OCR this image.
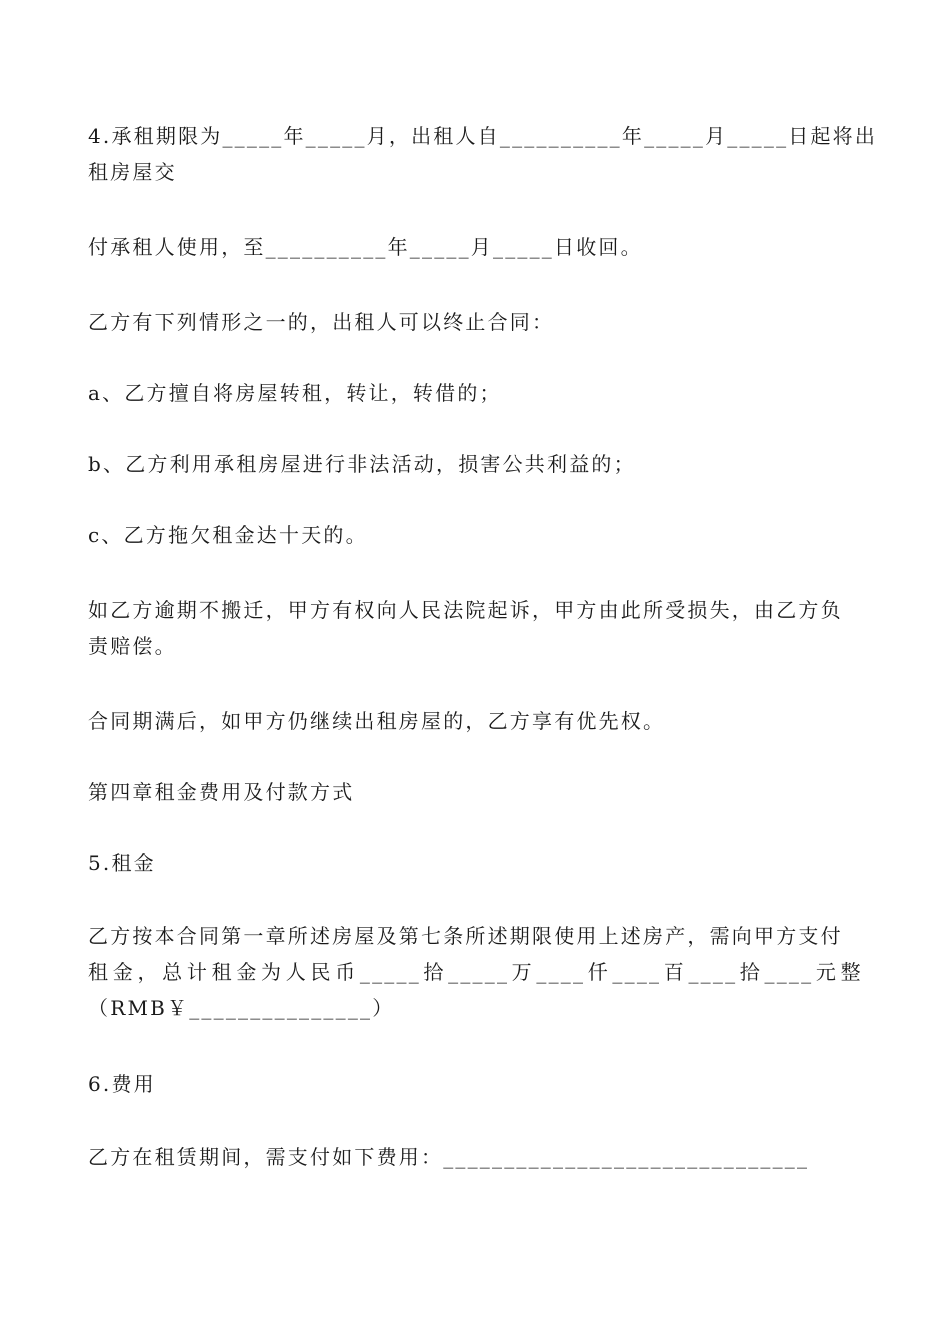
4.承租期限为_____年_____月，出租人自__________年_____月_____日起将出
租房屋交
付承租人使用，至__________年_____月_____日收回。
乙方有下列情形之一的，出租人可以终止合同：
a、乙方擅自将房屋转租，转让，转借的；
b、乙方利用承租房屋进行非法活动，损害公共利益的；
c、乙方拖欠租金达十天的。
如乙方逾期不搬迁，甲方有权向人民法院起诉，甲方由此所受损失，由乙方负
责赔偿。
合同期满后，如甲方仍继续出租房屋的，乙方享有优先权。
第四章租金费用及付款方式
5.租金
乙方按本合同第一章所述房屋及第七条所述期限使用上述房产，需向甲方支付
租 金 ， 总 计 租 金 为 人 民 币 _____ 拾 _____ 万 ____ 仟 ____ 百 ____ 拾 ____ 元 整
（RMB￥_______________）
6.费用
乙方在租赁期间，需支付如下费用：______________________________
